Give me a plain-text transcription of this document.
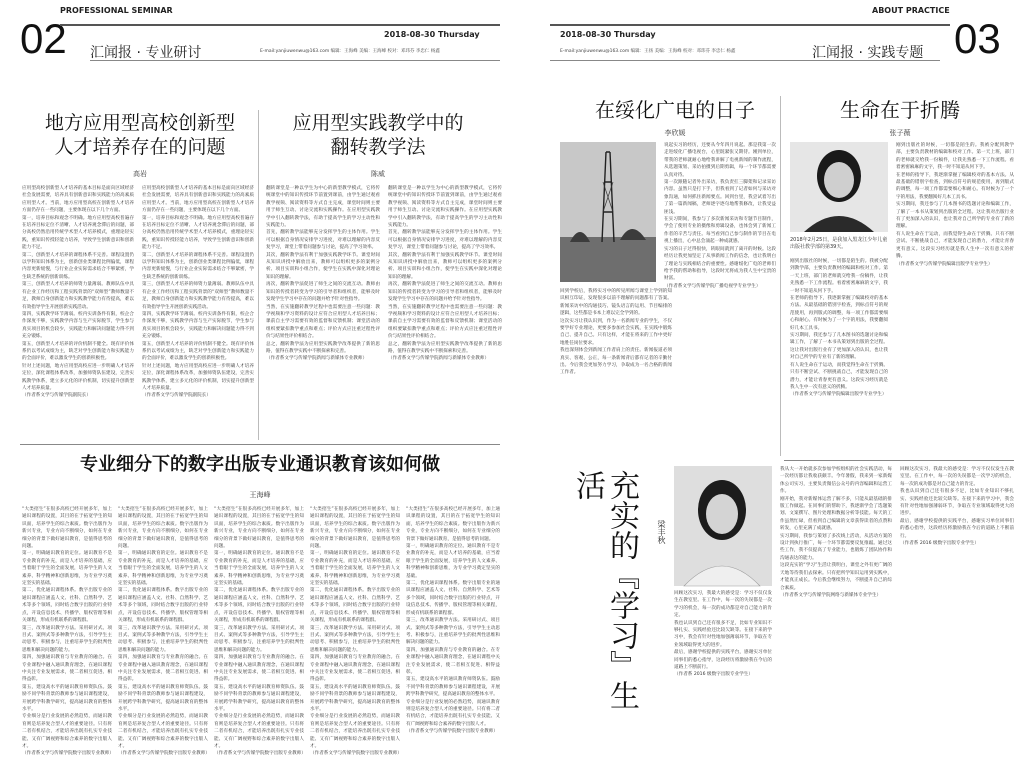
PROFESSIONAL SEMINAR
02 汇闻报 · 专业研讨
2018-08-30 Thursday
E-mail:yanjiuwenwu@163.com 编辑：王海峰 美编：王海峰 校对：邓玮芬 李忠仁 杨鑫
地方应用型高校创新型
人才培养存在的问题
高岩
应用型高校创新型人才培养的基本目标是面向区域经济社会发展需要，培养具有创新意识和实践能力的高素质应用型人才。当前，地方应用型高校在创新型人才培养方面仍存在一些问题，主要体现在以下几个方面。
第一，培养目标和观念不明确。地方应用型高校普遍存在培养目标定位不清晰、人才培养观念滞后的问题，部分高校仍然沿用传统学术型人才培养模式，重理论轻实践，重知识传授轻能力培养，导致学生创新意识和创新能力不足。
第二，创新型人才培养的课程体系不完善。课程设置仍以学科知识体系为主，创新创业类课程比例偏低，课程内容更新缓慢，与行业企业实际需求结合不够紧密，学生缺乏系统的创新训练。
第三，创新型人才培养的师资力量薄弱。教师队伍中具有企业工作经历和工程实践背景的“双师型”教师数量不足，教师自身创新能力和实践教学能力有待提高，难以有效指导学生开展创新实践活动。
第四，实践教学环节薄弱。校内实训条件有限，校企合作深度不够，实践教学内容与生产实际脱节，学生参与真实项目的机会较少，实践能力和解决问题能力得不到充分锻炼。
第五，创新型人才培养的评价机制不健全。现有评价体系仍以考试成绩为主，缺乏对学生创新能力和实践能力的全面评价，难以激发学生的创新积极性。
针对上述问题，地方应用型高校应进一步明确人才培养定位，深化课程体系改革，加强师资队伍建设，完善实践教学体系，建立多元化的评价机制，切实提升创新型人才培养质量。
（作者系文学与传媒学院副院长）
应用型高校创新型人才培养的基本目标是面向区域经济社会发展需要，培养具有创新意识和实践能力的高素质应用型人才。当前，地方应用型高校在创新型人才培养方面仍存在一些问题，主要体现在以下几个方面。
第一，培养目标和观念不明确。地方应用型高校普遍存在培养目标定位不清晰、人才培养观念滞后的问题，部分高校仍然沿用传统学术型人才培养模式，重理论轻实践，重知识传授轻能力培养，导致学生创新意识和创新能力不足。
第二，创新型人才培养的课程体系不完善。课程设置仍以学科知识体系为主，创新创业类课程比例偏低，课程内容更新缓慢，与行业企业实际需求结合不够紧密，学生缺乏系统的创新训练。
第三，创新型人才培养的师资力量薄弱。教师队伍中具有企业工作经历和工程实践背景的“双师型”教师数量不足，教师自身创新能力和实践教学能力有待提高，难以有效指导学生开展创新实践活动。
第四，实践教学环节薄弱。校内实训条件有限，校企合作深度不够，实践教学内容与生产实际脱节，学生参与真实项目的机会较少，实践能力和解决问题能力得不到充分锻炼。
第五，创新型人才培养的评价机制不健全。现有评价体系仍以考试成绩为主，缺乏对学生创新能力和实践能力的全面评价，难以激发学生的创新积极性。
针对上述问题，地方应用型高校应进一步明确人才培养定位，深化课程体系改革，加强师资队伍建设，完善实践教学体系，建立多元化的评价机制，切实提升创新型人才培养质量。
（作者系文学与传媒学院副院长）
应用型实践教学中的
翻转教学法
陈威
翻转课堂是一种以学生为中心的新型教学模式，它将传统课堂中的知识传授环节前置到课前，由学生通过观看教学视频、阅读资料等方式自主完成，课堂时间则主要用于师生互动、讨论交流和实践操作。在应用型实践教学中引入翻转教学法，有助于提高学生的学习主动性和实践能力。
首先，翻转教学法能够充分发挥学生的主体作用。学生可以根据自身情况安排学习进度，对难以理解的内容反复学习，课堂上带着问题参与讨论，提高了学习效率。
其次，翻转教学法有利于加强实践教学环节。课堂时间从知识讲授中解放出来，教师可以组织更多的案例分析、项目实训和小组合作，使学生在实践中深化对理论知识的理解。
再次，翻转教学法促进了师生之间的交流互动。教师由知识的传授者转变为学习的引导者和组织者，能够及时发现学生学习中存在的问题并给予针对性指导。
当然，在实施翻转教学过程中也需要注意一些问题：教学视频和学习资料的设计应符合应用型人才培养目标；课前自主学习需要有效的监督和反馈机制；课堂活动的组织要紧扣教学重点和难点；评价方式应注重过程性评价与结果性评价相结合。
总之，翻转教学法为应用型实践教学改革提供了新的思路，值得在教学实践中不断探索和完善。
（作者系文学与传媒学院新闻与新媒体专业教师）
翻转课堂是一种以学生为中心的新型教学模式，它将传统课堂中的知识传授环节前置到课前，由学生通过观看教学视频、阅读资料等方式自主完成，课堂时间则主要用于师生互动、讨论交流和实践操作。在应用型实践教学中引入翻转教学法，有助于提高学生的学习主动性和实践能力。
首先，翻转教学法能够充分发挥学生的主体作用。学生可以根据自身情况安排学习进度，对难以理解的内容反复学习，课堂上带着问题参与讨论，提高了学习效率。
其次，翻转教学法有利于加强实践教学环节。课堂时间从知识讲授中解放出来，教师可以组织更多的案例分析、项目实训和小组合作，使学生在实践中深化对理论知识的理解。
再次，翻转教学法促进了师生之间的交流互动。教师由知识的传授者转变为学习的引导者和组织者，能够及时发现学生学习中存在的问题并给予针对性指导。
当然，在实施翻转教学过程中也需要注意一些问题：教学视频和学习资料的设计应符合应用型人才培养目标；课前自主学习需要有效的监督和反馈机制；课堂活动的组织要紧扣教学重点和难点；评价方式应注重过程性评价与结果性评价相结合。
总之，翻转教学法为应用型实践教学改革提供了新的思路，值得在教学实践中不断探索和完善。
（作者系文学与传媒学院新闻与新媒体专业教师）
专业细分下的数字出版专业通识教育该如何做
王海峰
“大类招生”在很多高校已经开展多年，加上通识课程的设置，其目的在于拓宽学生的知识面，培养学生的综合素质。数字出版作为新兴专业，专业方向不断细分，如何在专业细分的背景下做好通识教育，是值得思考的问题。
第一，明确通识教育的定位。通识教育不是专业教育的补充，而是人才培养的基础，应当着眼于学生的全面发展，培养学生的人文素养、科学精神和创新思维，为专业学习奠定坚实的基础。
第二，优化通识课程体系。数字出版专业的通识课程应涵盖人文、社科、自然科学、艺术等多个领域，同时结合数字出版的行业特点，开设信息技术、传播学、版权管理等相关课程，形成有机联系的课程群。
第三，改革通识教学方法。采用研讨式、项目式、案例式等多种教学方法，引导学生主动思考、积极参与，注重培养学生的批判性思维和解决问题的能力。
第四，加强通识教育与专业教育的融合。在专业课程中融入通识教育理念，在通识课程中关注专业发展需求，使二者相互促进、相得益彰。
第五，建设高水平的通识教育师资队伍。鼓励不同学科背景的教师参与通识课程建设，开展跨学科教学研究，提高通识教育的整体水平。
专业细分是行业发展的必然趋势，而通识教育则是培养复合型人才的重要途径。只有将二者有机结合，才能培养出既有扎实专业技能、又有广阔视野和综合素养的数字出版人才。
（作者系文学与传媒学院数字出版专业教师）
“大类招生”在很多高校已经开展多年，加上通识课程的设置，其目的在于拓宽学生的知识面，培养学生的综合素质。数字出版作为新兴专业，专业方向不断细分，如何在专业细分的背景下做好通识教育，是值得思考的问题。
第一，明确通识教育的定位。通识教育不是专业教育的补充，而是人才培养的基础，应当着眼于学生的全面发展，培养学生的人文素养、科学精神和创新思维，为专业学习奠定坚实的基础。
第二，优化通识课程体系。数字出版专业的通识课程应涵盖人文、社科、自然科学、艺术等多个领域，同时结合数字出版的行业特点，开设信息技术、传播学、版权管理等相关课程，形成有机联系的课程群。
第三，改革通识教学方法。采用研讨式、项目式、案例式等多种教学方法，引导学生主动思考、积极参与，注重培养学生的批判性思维和解决问题的能力。
第四，加强通识教育与专业教育的融合。在专业课程中融入通识教育理念，在通识课程中关注专业发展需求，使二者相互促进、相得益彰。
第五，建设高水平的通识教育师资队伍。鼓励不同学科背景的教师参与通识课程建设，开展跨学科教学研究，提高通识教育的整体水平。
专业细分是行业发展的必然趋势，而通识教育则是培养复合型人才的重要途径。只有将二者有机结合，才能培养出既有扎实专业技能、又有广阔视野和综合素养的数字出版人才。
（作者系文学与传媒学院数字出版专业教师）
“大类招生”在很多高校已经开展多年，加上通识课程的设置，其目的在于拓宽学生的知识面，培养学生的综合素质。数字出版作为新兴专业，专业方向不断细分，如何在专业细分的背景下做好通识教育，是值得思考的问题。
第一，明确通识教育的定位。通识教育不是专业教育的补充，而是人才培养的基础，应当着眼于学生的全面发展，培养学生的人文素养、科学精神和创新思维，为专业学习奠定坚实的基础。
第二，优化通识课程体系。数字出版专业的通识课程应涵盖人文、社科、自然科学、艺术等多个领域，同时结合数字出版的行业特点，开设信息技术、传播学、版权管理等相关课程，形成有机联系的课程群。
第三，改革通识教学方法。采用研讨式、项目式、案例式等多种教学方法，引导学生主动思考、积极参与，注重培养学生的批判性思维和解决问题的能力。
第四，加强通识教育与专业教育的融合。在专业课程中融入通识教育理念，在通识课程中关注专业发展需求，使二者相互促进、相得益彰。
第五，建设高水平的通识教育师资队伍。鼓励不同学科背景的教师参与通识课程建设，开展跨学科教学研究，提高通识教育的整体水平。
专业细分是行业发展的必然趋势，而通识教育则是培养复合型人才的重要途径。只有将二者有机结合，才能培养出既有扎实专业技能、又有广阔视野和综合素养的数字出版人才。
（作者系文学与传媒学院数字出版专业教师）
“大类招生”在很多高校已经开展多年，加上通识课程的设置，其目的在于拓宽学生的知识面，培养学生的综合素质。数字出版作为新兴专业，专业方向不断细分，如何在专业细分的背景下做好通识教育，是值得思考的问题。
第一，明确通识教育的定位。通识教育不是专业教育的补充，而是人才培养的基础，应当着眼于学生的全面发展，培养学生的人文素养、科学精神和创新思维，为专业学习奠定坚实的基础。
第二，优化通识课程体系。数字出版专业的通识课程应涵盖人文、社科、自然科学、艺术等多个领域，同时结合数字出版的行业特点，开设信息技术、传播学、版权管理等相关课程，形成有机联系的课程群。
第三，改革通识教学方法。采用研讨式、项目式、案例式等多种教学方法，引导学生主动思考、积极参与，注重培养学生的批判性思维和解决问题的能力。
第四，加强通识教育与专业教育的融合。在专业课程中融入通识教育理念，在通识课程中关注专业发展需求，使二者相互促进、相得益彰。
第五，建设高水平的通识教育师资队伍。鼓励不同学科背景的教师参与通识课程建设，开展跨学科教学研究，提高通识教育的整体水平。
专业细分是行业发展的必然趋势，而通识教育则是培养复合型人才的重要途径。只有将二者有机结合，才能培养出既有扎实专业技能、又有广阔视野和综合素养的数字出版人才。
（作者系文学与传媒学院数字出版专业教师）
“大类招生”在很多高校已经开展多年，加上通识课程的设置，其目的在于拓宽学生的知识面，培养学生的综合素质。数字出版作为新兴专业，专业方向不断细分，如何在专业细分的背景下做好通识教育，是值得思考的问题。
第一，明确通识教育的定位。通识教育不是专业教育的补充，而是人才培养的基础，应当着眼于学生的全面发展，培养学生的人文素养、科学精神和创新思维，为专业学习奠定坚实的基础。
第二，优化通识课程体系。数字出版专业的通识课程应涵盖人文、社科、自然科学、艺术等多个领域，同时结合数字出版的行业特点，开设信息技术、传播学、版权管理等相关课程，形成有机联系的课程群。
第三，改革通识教学方法。采用研讨式、项目式、案例式等多种教学方法，引导学生主动思考、积极参与，注重培养学生的批判性思维和解决问题的能力。
第四，加强通识教育与专业教育的融合。在专业课程中融入通识教育理念，在通识课程中关注专业发展需求，使二者相互促进、相得益彰。
第五，建设高水平的通识教育师资队伍。鼓励不同学科背景的教师参与通识课程建设，开展跨学科教学研究，提高通识教育的整体水平。
专业细分是行业发展的必然趋势，而通识教育则是培养复合型人才的重要途径。只有将二者有机结合，才能培养出既有扎实专业技能、又有广阔视野和综合素养的数字出版人才。
（作者系文学与传媒学院数字出版专业教师）
2018-08-30 Thursday
E-mail:yanjiuwenwu@163.com 编辑：王扬 美编：王海峰 校对：邓玮芬 李忠仁 杨鑫
ABOUT PRACTICE
汇闻报 · 实践专题 03
在绥化广电的日子
李欣媛
回到学校后，我将实习中的所见所闻与课堂上学到的知识相互印证，发现很多以前不理解的问题都有了答案。新闻采访中的沟通技巧、镜头语言的运用、节目编排的逻辑，这些都是书本上难以完全学到的。
这次实习让我认识到，作为一名新闻专业的学生，不仅要学好专业理论，更要多参加社会实践，在实践中锻炼自己、提升自己。只有这样，才能在将来的工作中更好地胜任岗位要求。
我也深刻体会到新闻工作者肩上的责任。新闻报道必须真实、客观、公正，每一条新闻背后都有记者的辛勤付出。今后我会更加努力学习，争取成为一名合格的新闻工作者。
说起实习的经历，还要从今年四月说起。那是我第一次走进绥化广播电视台，心里既紧张又期待。刚到单位，带我的老师就耐心地给我讲解了电视新闻的制作流程，从选题策划、采访拍摄到后期剪辑，每一个环节都需要认真对待。
第一次跟随记者外出采访，我负责扛三脚架和记录采访内容。虽然只是打下手，但我看到了记者如何与采访对象沟通，如何抓住新闻要点。回到台里，我尝试着写出了第一篇新闻稿，老师逐字逐句地帮我修改，让我受益匪浅。
在实习期间，我参与了多次新闻采访和专题节目制作，学会了使用专业的摄像和剪辑设备，也体会到了新闻工作者的辛苦与责任。每当看到自己参与制作的节目在电视上播出，心中总会涌起一种成就感。
实习的日子过得很快，转眼间就到了离开的时候。这段经历让我更加坚定了从事新闻工作的信念，也让我明白了理论与实践相结合的重要性。感谢绥化广电的老师们给予我的帮助和指导，这段时光将成为我人生中宝贵的财富。
（作者系文学与传媒学院广播电视学专业学生）
生命在于折腾
张子薇
2018年2月25日，是我加入黑龙江少年儿童出版社教学部的第39天。
刚到出版社的时候，一切都是陌生的。我被分配到教学部，主要负责教材的编辑和校对工作。第一天上班，部门的老师就交给我一份稿件，让我先熟悉一下工作流程。看着密密麻麻的文字，我一时不知道从何下手。
在老师的指导下，我逐渐掌握了编辑校对的基本方法。从最基础的错别字检查，到标点符号的规范使用，再到版式的调整，每一项工作都需要细心和耐心。有时候为了一个字的用法，我要翻阅好几本工具书。
实习期间，我还参与了几本图书的选题讨论和编辑工作，了解了一本书从策划到出版的全过程。这让我对出版行业有了更加深入的认识，也让我对自己所学的专业有了新的理解。
有人说生命在于运动，而我觉得生命在于折腾。只有不断尝试、不断挑战自己，才能发现自己的潜力，才能让青春更有意义。这段实习经历就是我人生中一次有意义的折腾。
（作者系文学与传媒学院编辑出版学专业学生）
刚到出版社的时候，一切都是陌生的。我被分配到教学部，主要负责教材的编辑和校对工作。第一天上班，部门的老师就交给我一份稿件，让我先熟悉一下工作流程。看着密密麻麻的文字，我一时不知道从何下手。
在老师的指导下，我逐渐掌握了编辑校对的基本方法。从最基础的错别字检查，到标点符号的规范使用，再到版式的调整，每一项工作都需要细心和耐心。有时候为了一个字的用法，我要翻阅好几本工具书。
实习期间，我还参与了几本图书的选题讨论和编辑工作，了解了一本书从策划到出版的全过程。这让我对出版行业有了更加深入的认识，也让我对自己所学的专业有了新的理解。
有人说生命在于运动，而我觉得生命在于折腾。只有不断尝试、不断挑战自己，才能发现自己的潜力，才能让青春更有意义。这段实习经历就是我人生中一次有意义的折腾。
（作者系文学与传媒学院编辑出版学专业学生）
充实的『学习』生活
梁丰秋
回顾这次实习，我最大的感受是：学习不仅仅发生在教室里。在工作中，每一次的失误都是一次学习的机会，每一次的成功都是对自己能力的肯定。
我也认识到自己还有很多不足，比如专业知识不够扎实、实践经验还比较欠缺等。在接下来的学习中，我会有针对性地加强薄弱环节，争取在专业领域取得更大的进步。
最后，感谢学校提供的实践平台，感谢实习单位同事们的悉心指导，这段经历将激励我在今后的道路上不断前行。
（作者系 2016 级数字出版专业学生）
我从大一开始就多次参加学校组织的社会实践活动，每一次经历都让我收获颇丰。今年暑假，我来到一家新媒体公司实习，主要负责微信公众号的内容编辑和运营工作。
刚开始，我对新媒体运营了解不多，只能从最基础的排版工作做起。在同事们的帮助下，我逐渐学会了选题策划、文案撰写、图片处理和数据分析等技能。每天的工作虽然忙碌，但看到自己编辑的文章获得读者的点赞和转发，心里充满了成就感。
实习期间，我参与策划了多次线上活动，从活动方案的设计到执行推广，每一个环节都需要反复推敲。通过这些工作，我不仅提高了专业能力，也锻炼了团队协作和沟通表达的能力。
这段充实的“学习”生活让我明白，课堂之外有更广阔的天地等待我们去探索。只有把所学知识运用到实践中，才能真正成长。今后我会继续努力，不断提升自己的综合素质。
（作者系文学与传媒学院网络与新媒体专业学生）
回顾这次实习，我最大的感受是：学习不仅仅发生在教室里。在工作中，每一次的失误都是一次学习的机会，每一次的成功都是对自己能力的肯定。
我也认识到自己还有很多不足，比如专业知识不够扎实、实践经验还比较欠缺等。在接下来的学习中，我会有针对性地加强薄弱环节，争取在专业领域取得更大的进步。
最后，感谢学校提供的实践平台，感谢实习单位同事们的悉心指导，这段经历将激励我在今后的道路上不断前行。
（作者系 2016 级数字出版专业学生）
